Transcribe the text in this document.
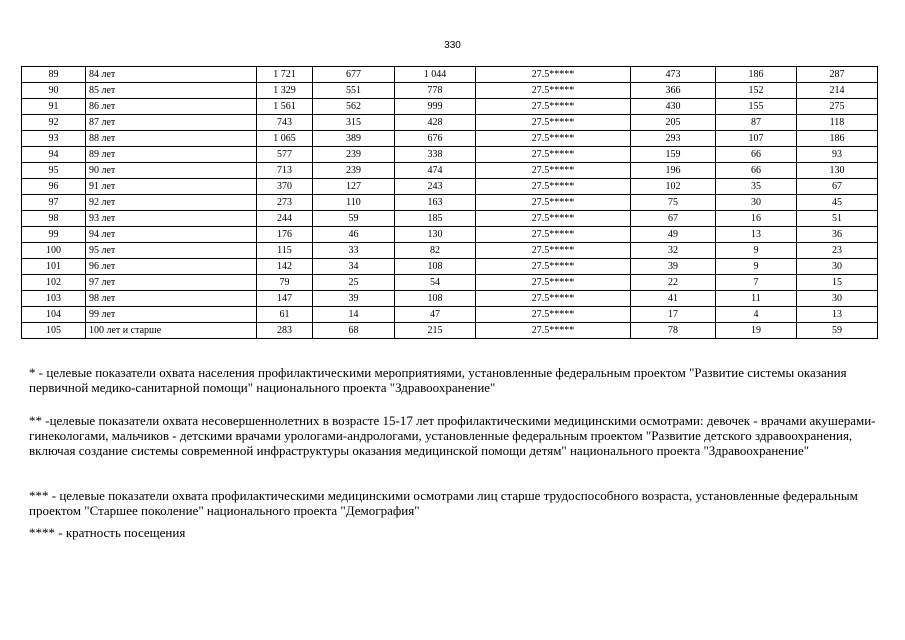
330
89	84 лет	1 721	677	1 044	27.5*****	473	186	287
90	85 лет	1 329	551	778	27.5*****	366	152	214
91	86 лет	1 561	562	999	27.5*****	430	155	275
92	87 лет	743	315	428	27.5*****	205	87	118
93	88 лет	1 065	389	676	27.5*****	293	107	186
94	89 лет	577	239	338	27.5*****	159	66	93
95	90 лет	713	239	474	27.5*****	196	66	130
96	91 лет	370	127	243	27.5*****	102	35	67
97	92 лет	273	110	163	27.5*****	75	30	45
98	93 лет	244	59	185	27.5*****	67	16	51
99	94 лет	176	46	130	27.5*****	49	13	36
100	95 лет	115	33	82	27.5*****	32	9	23
101	96 лет	142	34	108	27.5*****	39	9	30
102	97 лет	79	25	54	27.5*****	22	7	15
103	98 лет	147	39	108	27.5*****	41	11	30
104	99 лет	61	14	47	27.5*****	17	4	13
105	100 лет и старше	283	68	215	27.5*****	78	19	59

* - целевые показатели охвата населения профилактическими мероприятиями, установленные федеральным проектом "Развитие системы оказания первичной медико-санитарной помощи" национального проекта "Здравоохранение"

** -целевые показатели охвата несовершеннолетних в возрасте 15-17 лет профилактическими медицинскими осмотрами: девочек - врачами акушерами-гинекологами, мальчиков - детскими врачами урологами-андрологами, установленные федеральным проектом "Развитие детского здравоохранения, включая создание системы современной инфраструктуры оказания медицинской помощи детям" национального проекта "Здравоохранение"

*** - целевые показатели охвата профилактическими медицинскими осмотрами лиц старше трудоспособного возраста, установленные федеральным проектом "Старшее поколение" национального проекта "Демография"

**** - кратность посещения
